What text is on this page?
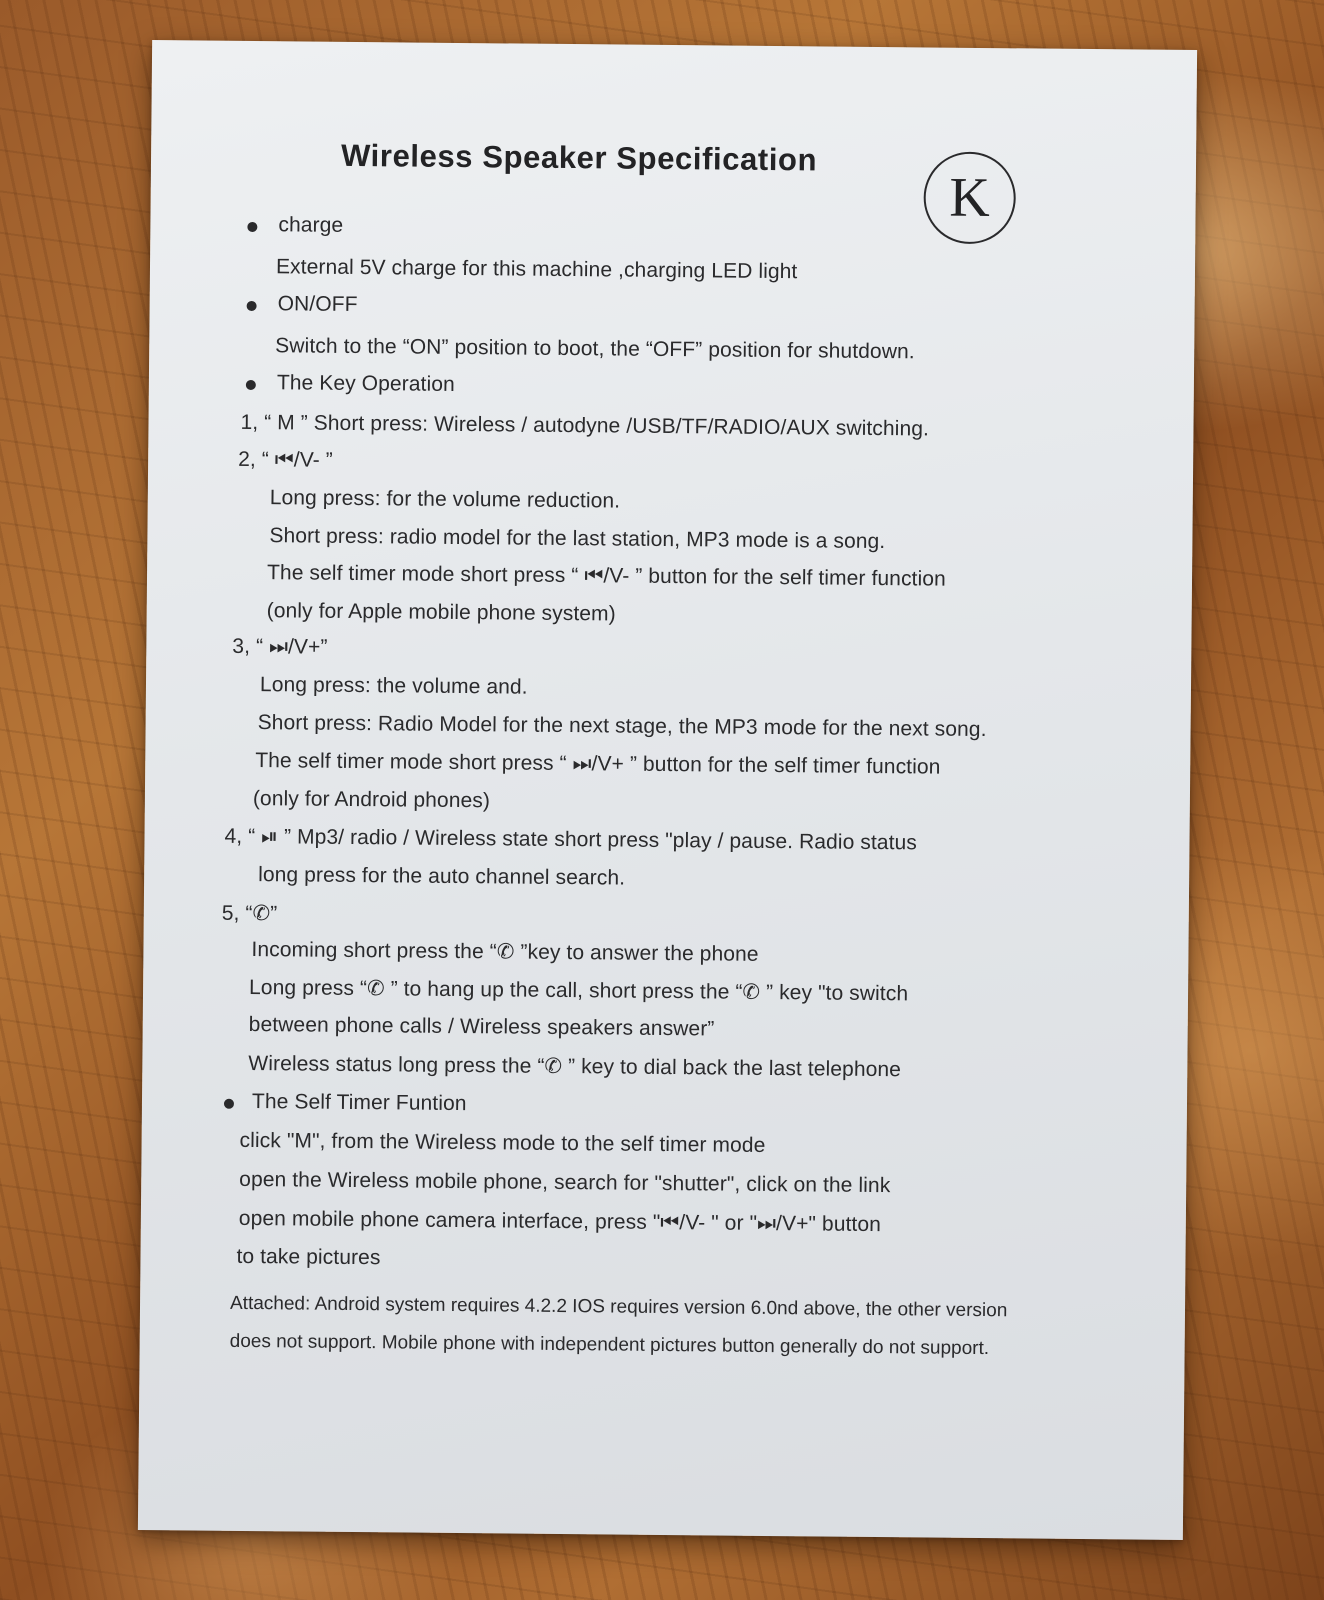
Wireless Speaker Specification
K
charge
External 5V charge for this machine ,charging LED light
ON/OFF
Switch to the “ON” position to boot, the “OFF” position for shutdown.
The Key Operation
1, “ M ” Short press: Wireless / autodyne /USB/TF/RADIO/AUX switching.
2, “ ⏮/V- ”
Long press: for the volume reduction.
Short press: radio model for the last station, MP3 mode is a song.
The self timer mode short press “ ⏮/V- ” button for the self timer function
(only for Apple mobile phone system)
3, “ ⏭/V+”
Long press: the volume and.
Short press: Radio Model for the next stage, the MP3 mode for the next song.
The self timer mode short press “ ⏭/V+ ” button for the self timer function
(only for Android phones)
4, “ ⏯ ” Mp3/ radio / Wireless state short press "play / pause. Radio status
long press for the auto channel search.
5, “✆”
Incoming short press the “✆ ”key to answer the phone
Long press “✆ ” to hang up the call, short press the “✆ ” key "to switch
between phone calls / Wireless speakers answer”
Wireless status long press the “✆ ” key to dial back the last telephone
The Self Timer Funtion
click "M", from the Wireless mode to the self timer mode
open the Wireless mobile phone, search for "shutter", click on the link
open mobile phone camera interface, press "⏮/V- " or "⏭/V+" button
to take pictures
Attached: Android system requires 4.2.2 IOS requires version 6.0nd above, the other version
does not support. Mobile phone with independent pictures button generally do not support.
